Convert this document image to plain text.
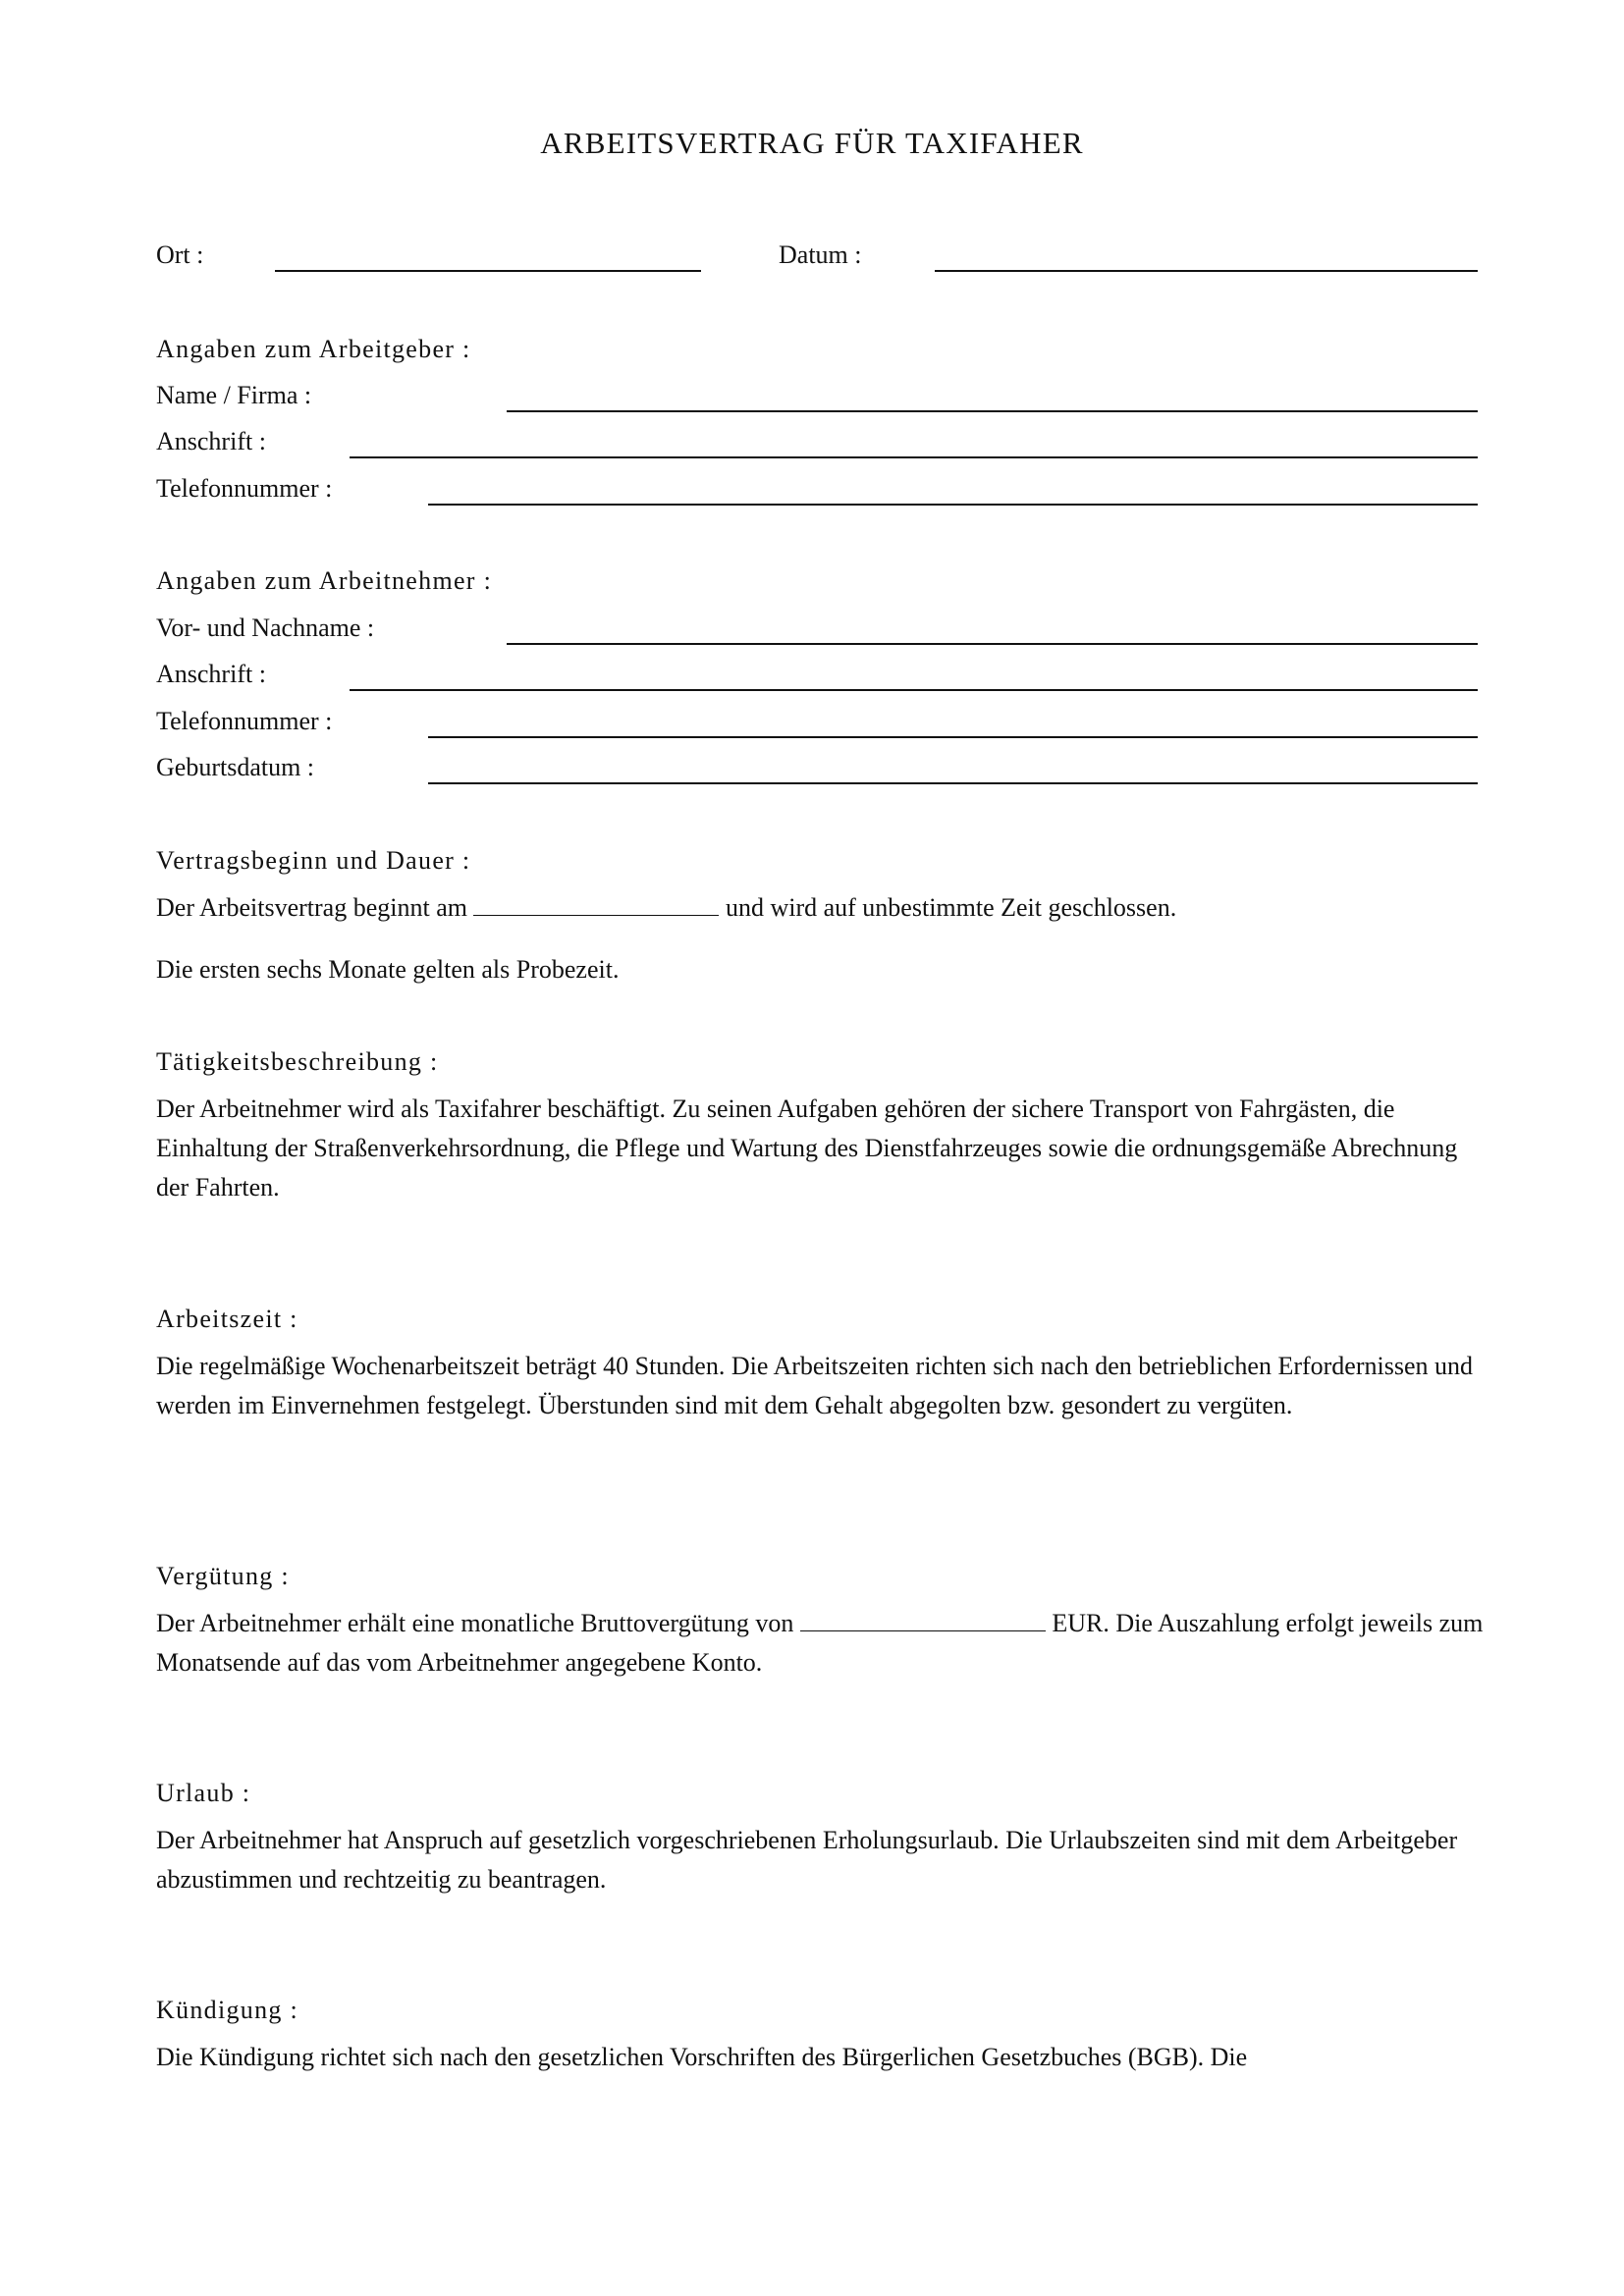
ARBEITSVERTRAG FÜR TAXIFAHER
Ort :	Datum :
Angaben zum Arbeitgeber :
Name / Firma :
Anschrift :
Telefonnummer :
Angaben zum Arbeitnehmer :
Vor- und Nachname :
Anschrift :
Telefonnummer :
Geburtsdatum :
Vertragsbeginn und Dauer :
Der Arbeitsvertrag beginnt am	und wird auf unbestimmte Zeit geschlossen.
Die ersten sechs Monate gelten als Probezeit.
Tätigkeitsbeschreibung :
Der Arbeitnehmer wird als Taxifahrer beschäftigt. Zu seinen Aufgaben gehören der sichere Transport von Fahrgästen, die Einhaltung der Straßenverkehrsordnung, die Pflege und Wartung des Dienstfahrzeuges sowie die ordnungsgemäße Abrechnung der Fahrten.
Arbeitszeit :
Die regelmäßige Wochenarbeitszeit beträgt 40 Stunden. Die Arbeitszeiten richten sich nach den betrieblichen Erfordernissen und werden im Einvernehmen festgelegt. Überstunden sind mit dem Gehalt abgegolten bzw. gesondert zu vergüten.
Vergütung :
Der Arbeitnehmer erhält eine monatliche Bruttovergütung von	EUR. Die Auszahlung erfolgt jeweils zum Monatsende auf das vom Arbeitnehmer angegebene Konto.
Urlaub :
Der Arbeitnehmer hat Anspruch auf gesetzlich vorgeschriebenen Erholungsurlaub. Die Urlaubszeiten sind mit dem Arbeitgeber abzustimmen und rechtzeitig zu beantragen.
Kündigung :
Die Kündigung richtet sich nach den gesetzlichen Vorschriften des Bürgerlichen Gesetzbuches (BGB). Die
